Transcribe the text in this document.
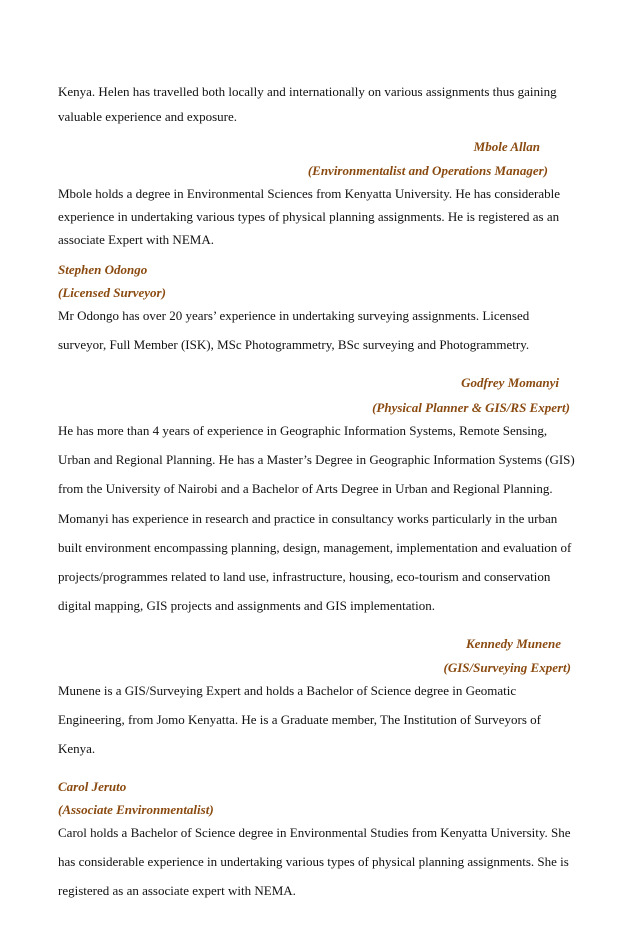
Kenya. Helen has travelled both locally and internationally on various assignments thus gaining
valuable experience and exposure.
Mbole Allan
(Environmentalist and Operations Manager)
Mbole holds a degree in Environmental Sciences from Kenyatta University. He has considerable
experience in undertaking various types of physical planning assignments. He is registered as an
associate Expert with NEMA.
Stephen Odongo
(Licensed Surveyor)
Mr Odongo has over 20 years’ experience in undertaking surveying assignments. Licensed
surveyor, Full Member (ISK), MSc Photogrammetry, BSc surveying and Photogrammetry.
Godfrey Momanyi
(Physical Planner & GIS/RS Expert)
He has more than 4 years of experience in Geographic Information Systems, Remote Sensing,
Urban and Regional Planning. He has a Master’s Degree in Geographic Information Systems (GIS)
from the University of Nairobi and a Bachelor of Arts Degree in Urban and Regional Planning.
Momanyi has experience in research and practice in consultancy works particularly in the urban
built environment encompassing planning, design, management, implementation and evaluation of
projects/programmes related to land use, infrastructure, housing, eco-tourism and conservation
digital mapping, GIS projects and assignments and GIS implementation.
Kennedy Munene
(GIS/Surveying Expert)
Munene is a GIS/Surveying Expert and holds a Bachelor of Science degree in Geomatic
Engineering, from Jomo Kenyatta. He is a Graduate member, The Institution of Surveyors of
Kenya.
Carol Jeruto
(Associate Environmentalist)
Carol holds a Bachelor of Science degree in Environmental Studies from Kenyatta University. She
has considerable experience in undertaking various types of physical planning assignments. She is
registered as an associate expert with NEMA.
